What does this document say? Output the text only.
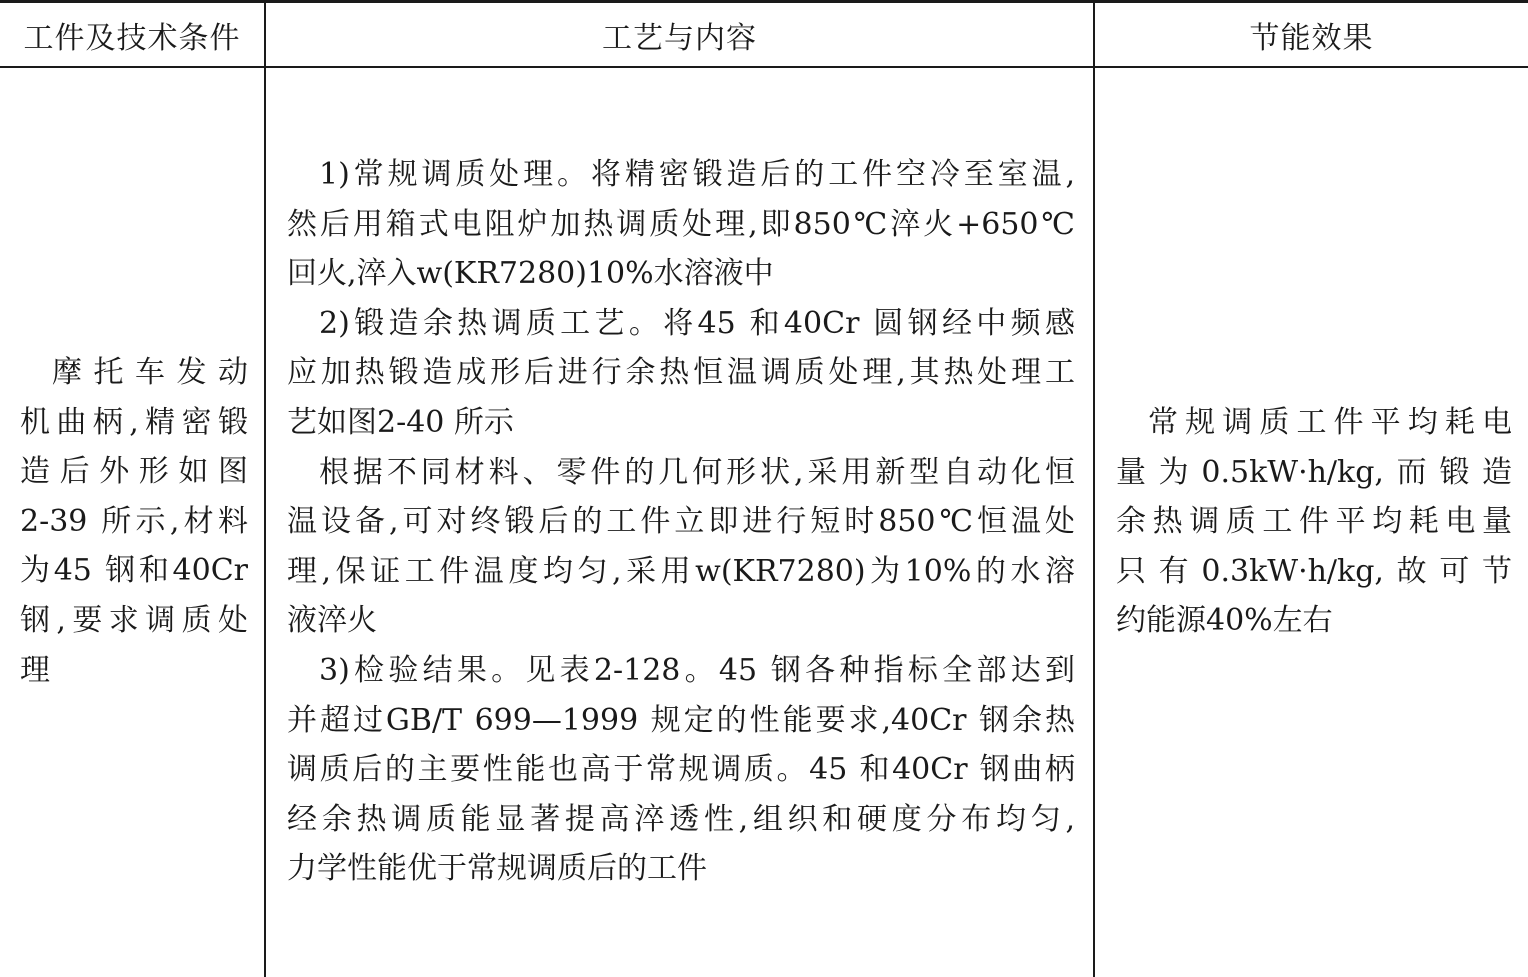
工件及技术条件	工艺与内容	节能效果
摩托车发动
机曲柄,精密锻
造后外形如图
2-39 所示,材料
为45 钢和40Cr
钢,要求调质处
理
1)常规调质处理。将精密锻造后的工件空冷至室温,
然后用箱式电阻炉加热调质处理,即850℃淬火+650℃
回火,淬入w(KR7280)10%水溶液中
2)锻造余热调质工艺。将45 和40Cr 圆钢经中频感
应加热锻造成形后进行余热恒温调质处理,其热处理工
艺如图2-40 所示
根据不同材料、零件的几何形状,采用新型自动化恒
温设备,可对终锻后的工件立即进行短时850℃恒温处
理,保证工件温度均匀,采用w(KR7280)为10%的水溶
液淬火
3)检验结果。见表2-128。45 钢各种指标全部达到
并超过GB/T 699—1999 规定的性能要求,40Cr 钢余热
调质后的主要性能也高于常规调质。45 和40Cr 钢曲柄
经余热调质能显著提高淬透性,组织和硬度分布均匀,
力学性能优于常规调质后的工件
常规调质工件平均耗电
量为0.5kW·h/kg,而锻造
余热调质工件平均耗电量
只有0.3kW·h/kg,故可节
约能源40%左右
